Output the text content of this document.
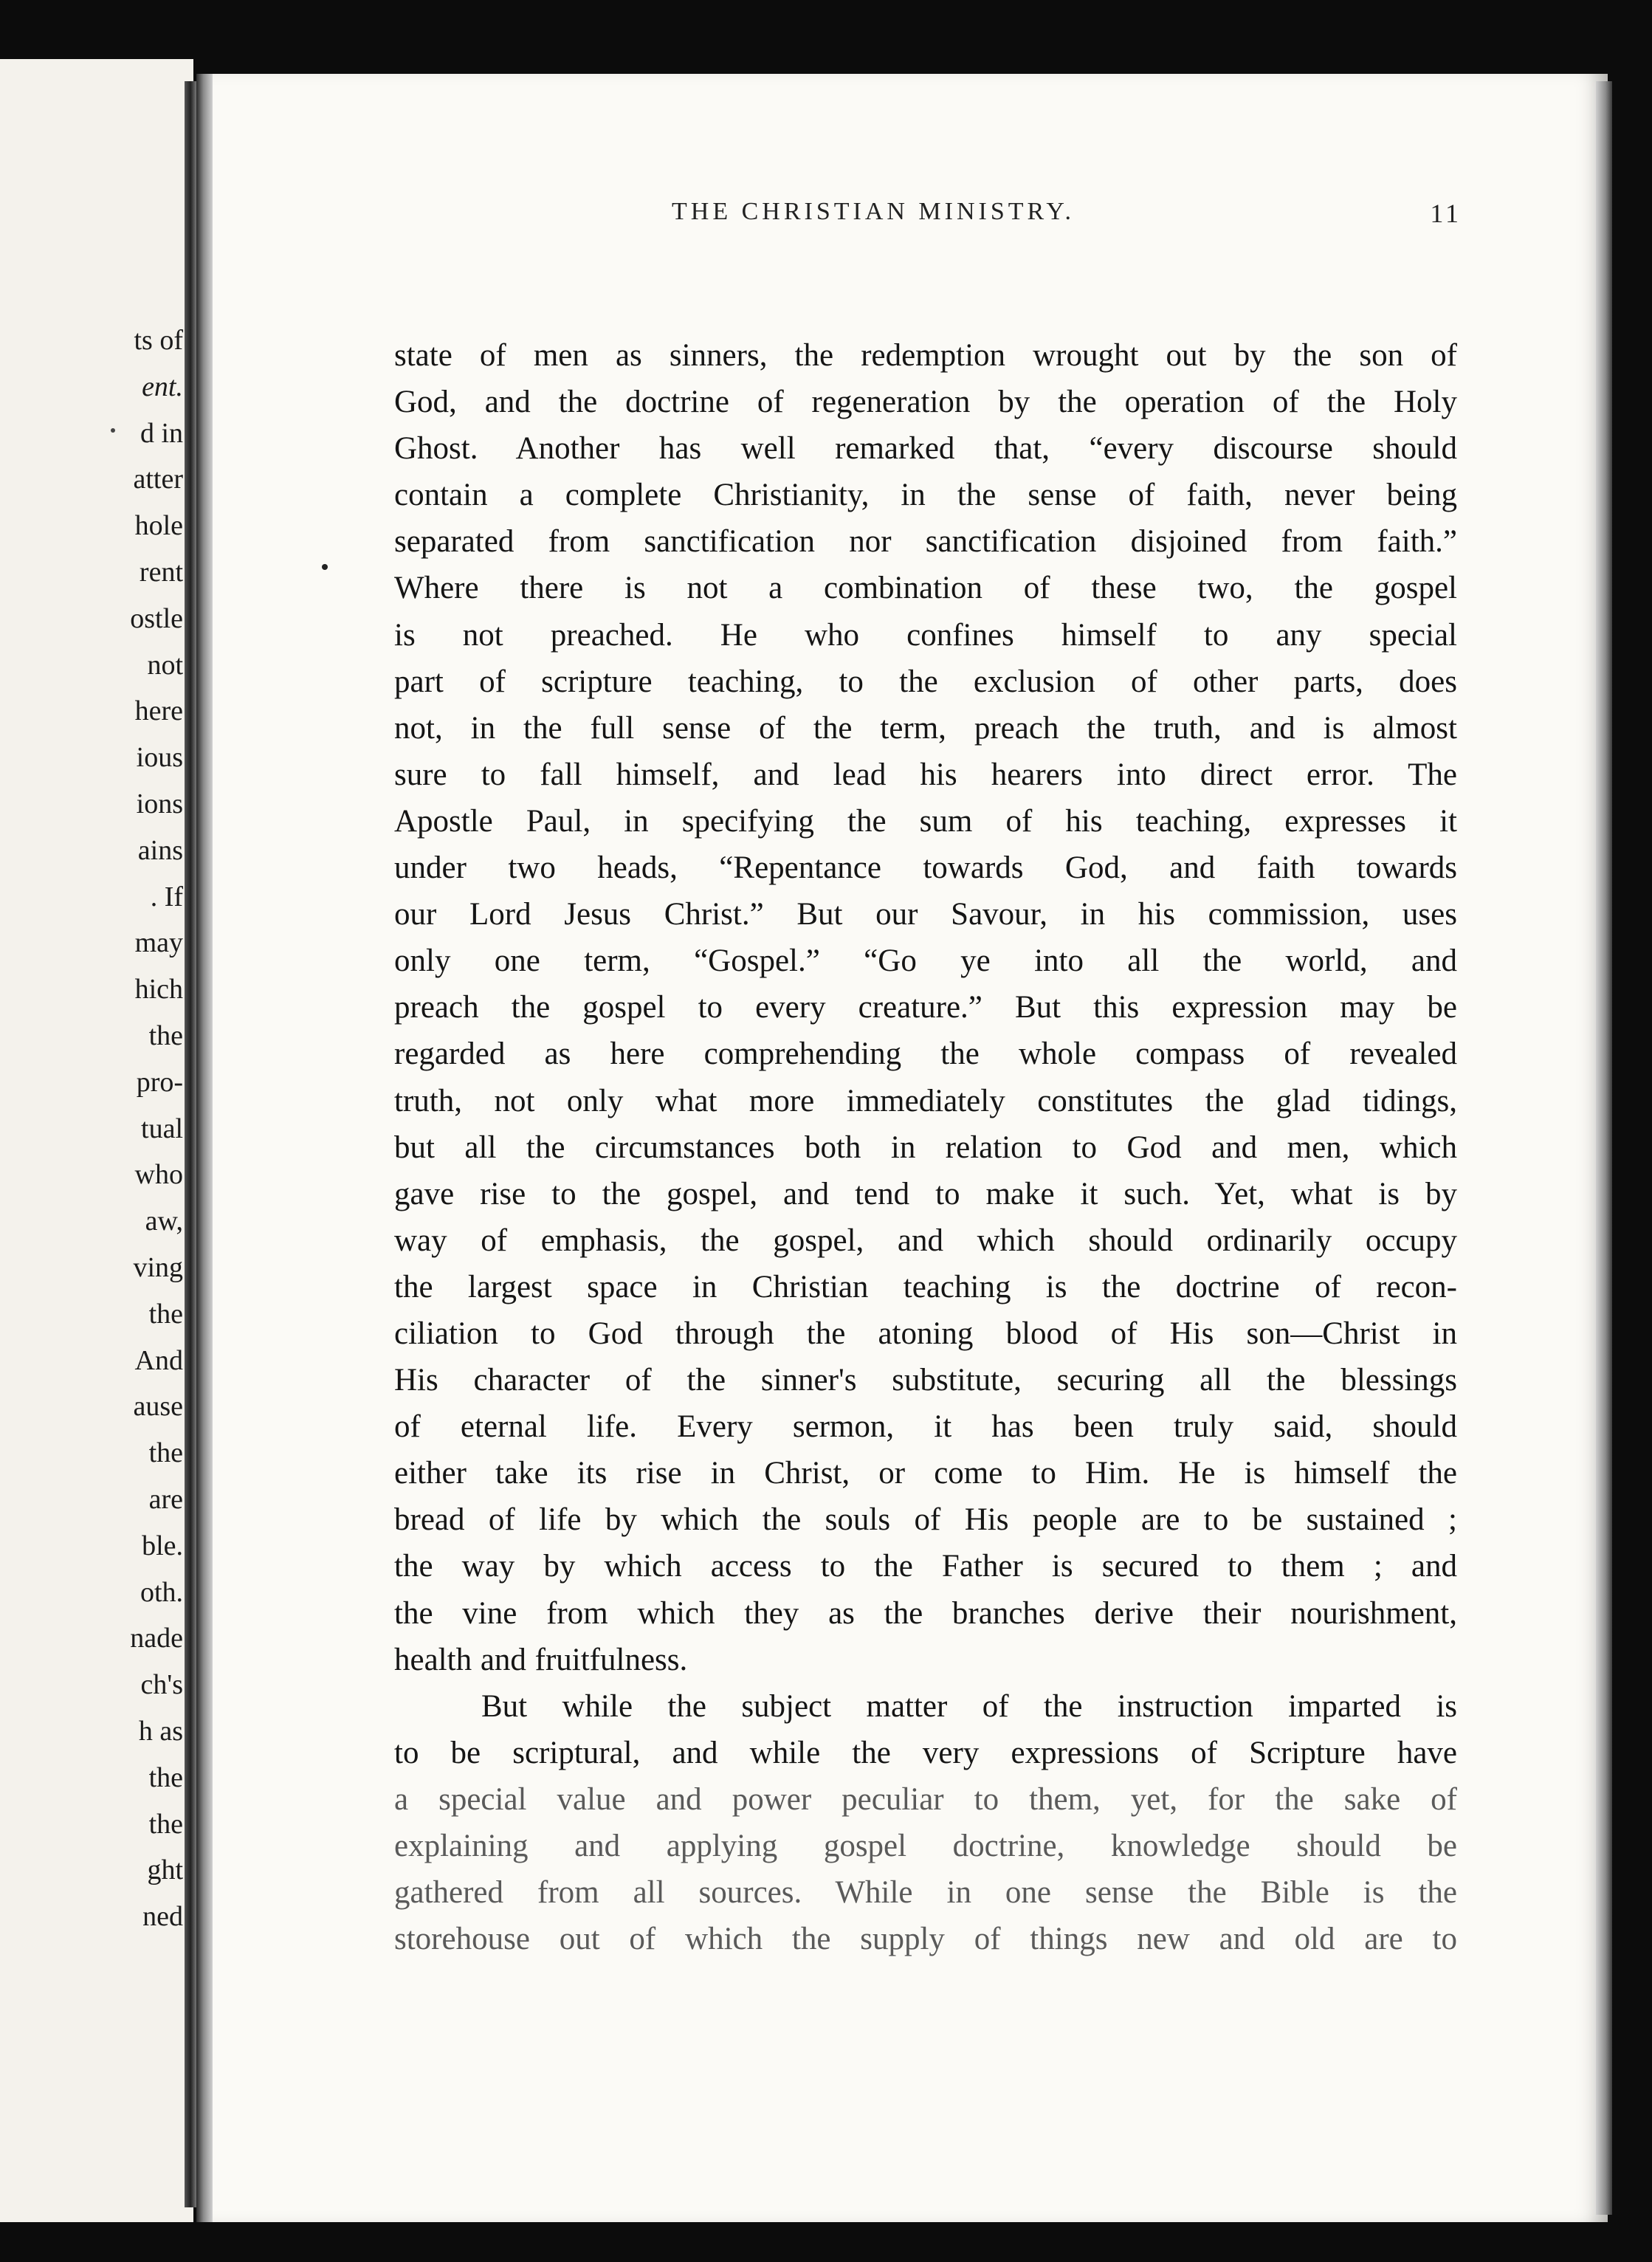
ts of
ent.
d in
atter
hole
rent
ostle
not
here
ious
ions
ains
. If
may
hich
the
pro-
tual
who
aw,
ving
the
And
ause
the
are
ble.
oth.
nade
ch's
h as
the
the
ght
ned
THE CHRISTIAN MINISTRY.	11
state of men as sinners, the redemption wrought out by the son of
God, and the doctrine of regeneration by the operation of the Holy
Ghost. Another has well remarked that, “every discourse should
contain a complete Christianity, in the sense of faith, never being
separated from sanctification nor sanctification disjoined from faith.”
Where there is not a combination of these two, the gospel
is not preached. He who confines himself to any special
part of scripture teaching, to the exclusion of other parts, does
not, in the full sense of the term, preach the truth, and is almost
sure to fall himself, and lead his hearers into direct error. The
Apostle Paul, in specifying the sum of his teaching, expresses it
under two heads, “Repentance towards God, and faith towards
our Lord Jesus Christ.” But our Savour, in his commission, uses
only one term, “Gospel.” “Go ye into all the world, and
preach the gospel to every creature.” But this expression may be
regarded as here comprehending the whole compass of revealed
truth, not only what more immediately constitutes the glad tidings,
but all the circumstances both in relation to God and men, which
gave rise to the gospel, and tend to make it such. Yet, what is by
way of emphasis, the gospel, and which should ordinarily occupy
the largest space in Christian teaching is the doctrine of recon-
ciliation to God through the atoning blood of His son—Christ in
His character of the sinner's substitute, securing all the blessings
of eternal life. Every sermon, it has been truly said, should
either take its rise in Christ, or come to Him. He is himself the
bread of life by which the souls of His people are to be sustained ;
the way by which access to the Father is secured to them ; and
the vine from which they as the branches derive their nourishment,
health and fruitfulness.
But while the subject matter of the instruction imparted is
to be scriptural, and while the very expressions of Scripture have
a special value and power peculiar to them, yet, for the sake of
explaining and applying gospel doctrine, knowledge should be
gathered from all sources. While in one sense the Bible is the
storehouse out of which the supply of things new and old are to
